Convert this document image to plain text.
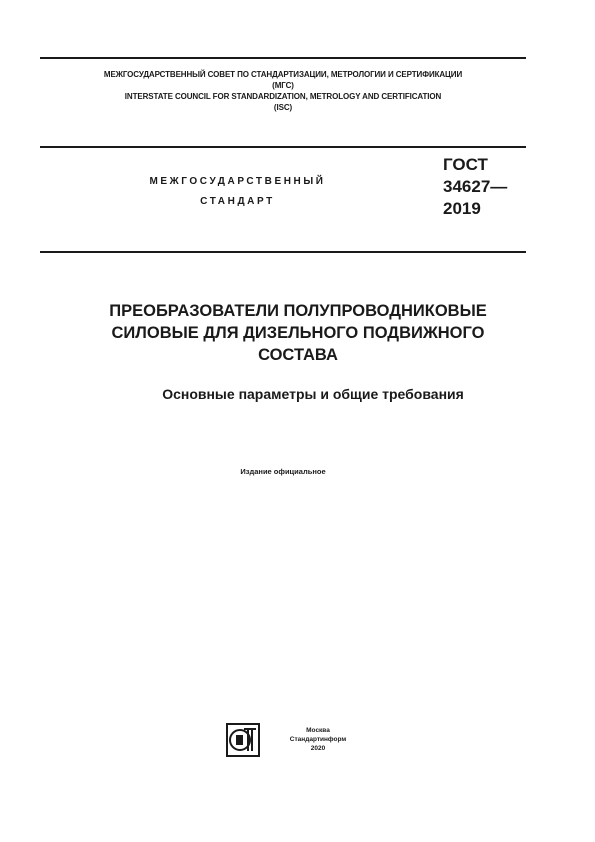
МЕЖГОСУДАРСТВЕННЫЙ СОВЕТ ПО СТАНДАРТИЗАЦИИ, МЕТРОЛОГИИ И СЕРТИФИКАЦИИ
(МГС)
INTERSTATE COUNCIL FOR STANDARDIZATION, METROLOGY AND CERTIFICATION
(ISC)
МЕЖГОСУДАРСТВЕННЫЙ
СТАНДАРТ
ГОСТ
34627—
2019
ПРЕОБРАЗОВАТЕЛИ ПОЛУПРОВОДНИКОВЫЕ
СИЛОВЫЕ ДЛЯ ДИЗЕЛЬНОГО ПОДВИЖНОГО
СОСТАВА
Основные параметры и общие требования
Издание официальное
Москва
Стандартинформ
2020
